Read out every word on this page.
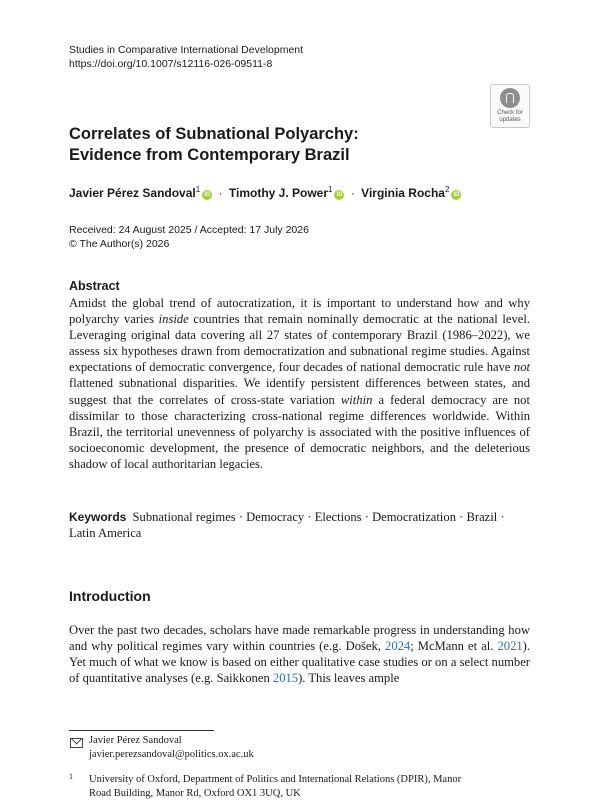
Studies in Comparative International Development
https://doi.org/10.1007/s12116-026-09511-8
Check for
updates
Correlates of Subnational Polyarchy:
Evidence from Contemporary Brazil
Javier Pérez Sandoval$^1$iD · Timothy J. Power$^1$iD · Virginia Rocha$^2$iD
Received: 24 August 2025 / Accepted: 17 July 2026
© The Author(s) 2026
Abstract
Amidst the global trend of autocratization, it is important to understand how and why polyarchy varies inside countries that remain nominally democratic at the national level. Leveraging original data covering all 27 states of contemporary Brazil (1986–2022), we assess six hypotheses drawn from democratization and subnational regime studies. Against expectations of democratic convergence, four decades of national democratic rule have not flattened subnational disparities. We identify persistent differences between states, and suggest that the correlates of cross-state variation within a federal democracy are not dissimilar to those characterizing cross-national regime differences worldwide. Within Brazil, the territorial unevenness of polyarchy is associated with the positive influences of socioeconomic development, the presence of democratic neighbors, and the deleterious shadow of local authoritarian legacies.
Keywords Subnational regimes · Democracy · Elections · Democratization · Brazil · Latin America
Introduction
Over the past two decades, scholars have made remarkable progress in understanding how and why political regimes vary within countries (e.g. Došek, 2024; McMann et al. 2021). Yet much of what we know is based on either qualitative case studies or on a select number of quantitative analyses (e.g. Saikkonen 2015). This leaves ample
Javier Pérez Sandoval
javier.perezsandoval@politics.ox.ac.uk
1 University of Oxford, Department of Politics and International Relations (DPIR), Manor
Road Building, Manor Rd, Oxford OX1 3UQ, UK
